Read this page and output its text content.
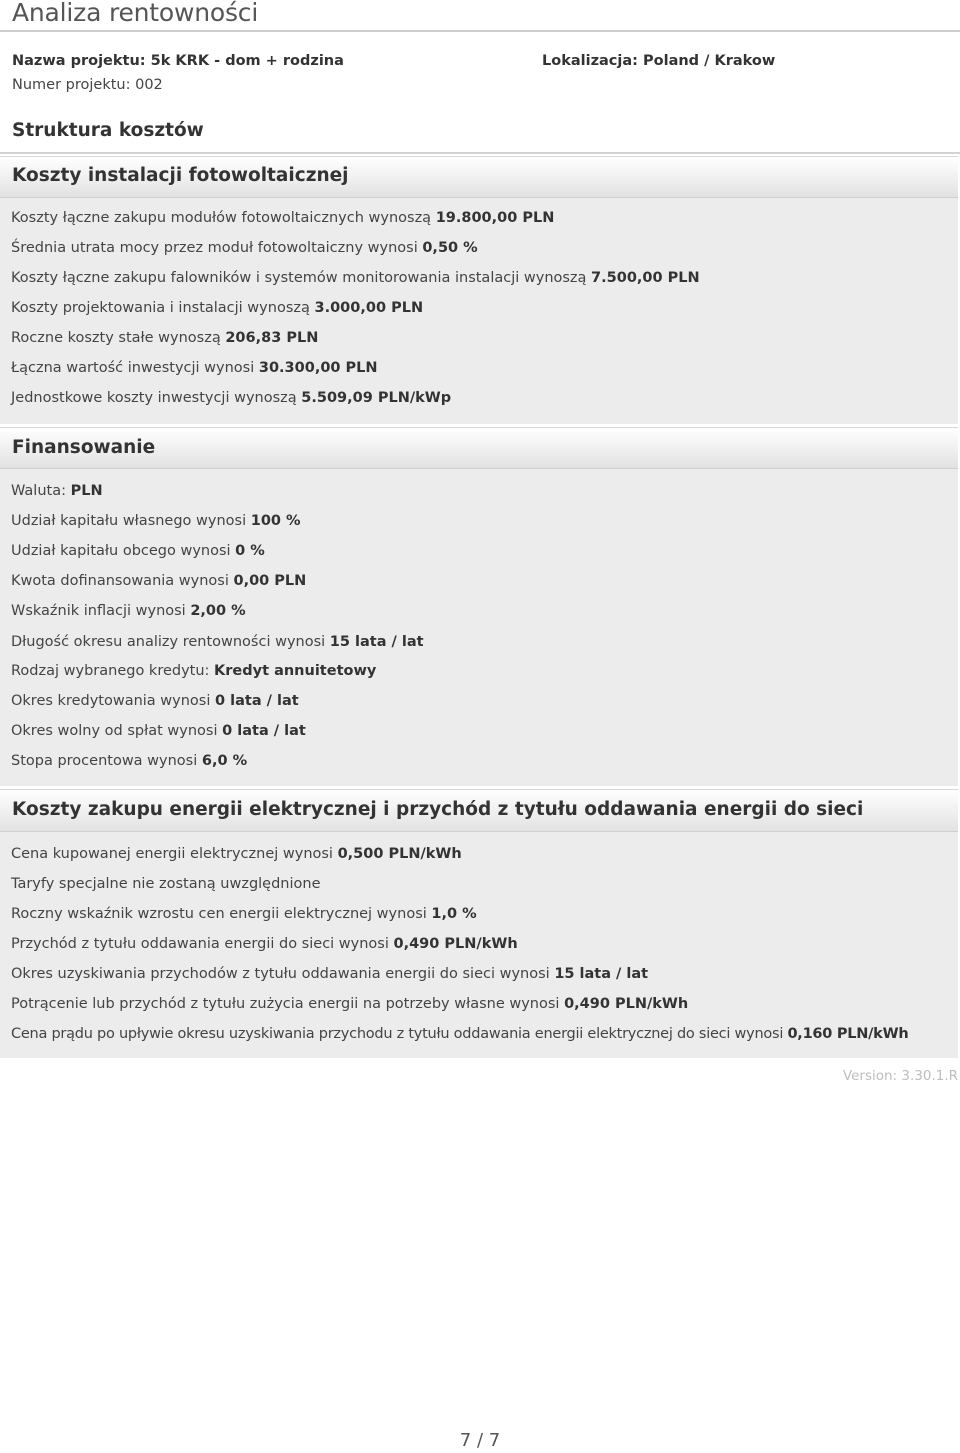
Analiza rentowności
Nazwa projektu: 5k KRK - dom + rodzina
Numer projektu: 002
Lokalizacja: Poland / Krakow
Struktura kosztów
Koszty instalacji fotowoltaicznej
Koszty łączne zakupu modułów fotowoltaicznych wynoszą 19.800,00 PLN
Średnia utrata mocy przez moduł fotowoltaiczny wynosi 0,50 %
Koszty łączne zakupu falowników i systemów monitorowania instalacji wynoszą 7.500,00 PLN
Koszty projektowania i instalacji wynoszą 3.000,00 PLN
Roczne koszty stałe wynoszą 206,83 PLN
Łączna wartość inwestycji wynosi 30.300,00 PLN
Jednostkowe koszty inwestycji wynoszą 5.509,09 PLN/kWp
Finansowanie
Waluta: PLN
Udział kapitału własnego wynosi 100 %
Udział kapitału obcego wynosi 0 %
Kwota dofinansowania wynosi 0,00 PLN
Wskaźnik inflacji wynosi 2,00 %
Długość okresu analizy rentowności wynosi 15 lata / lat
Rodzaj wybranego kredytu: Kredyt annuitetowy
Okres kredytowania wynosi 0 lata / lat
Okres wolny od spłat wynosi 0 lata / lat
Stopa procentowa wynosi 6,0 %
Koszty zakupu energii elektrycznej i przychód z tytułu oddawania energii do sieci
Cena kupowanej energii elektrycznej wynosi 0,500 PLN/kWh
Taryfy specjalne nie zostaną uwzględnione
Roczny wskaźnik wzrostu cen energii elektrycznej wynosi 1,0 %
Przychód z tytułu oddawania energii do sieci wynosi 0,490 PLN/kWh
Okres uzyskiwania przychodów z tytułu oddawania energii do sieci wynosi 15 lata / lat
Potrącenie lub przychód z tytułu zużycia energii na potrzeby własne wynosi 0,490 PLN/kWh
Cena prądu po upływie okresu uzyskiwania przychodu z tytułu oddawania energii elektrycznej do sieci wynosi 0,160 PLN/kWh
Version: 3.30.1.R
7 / 7
